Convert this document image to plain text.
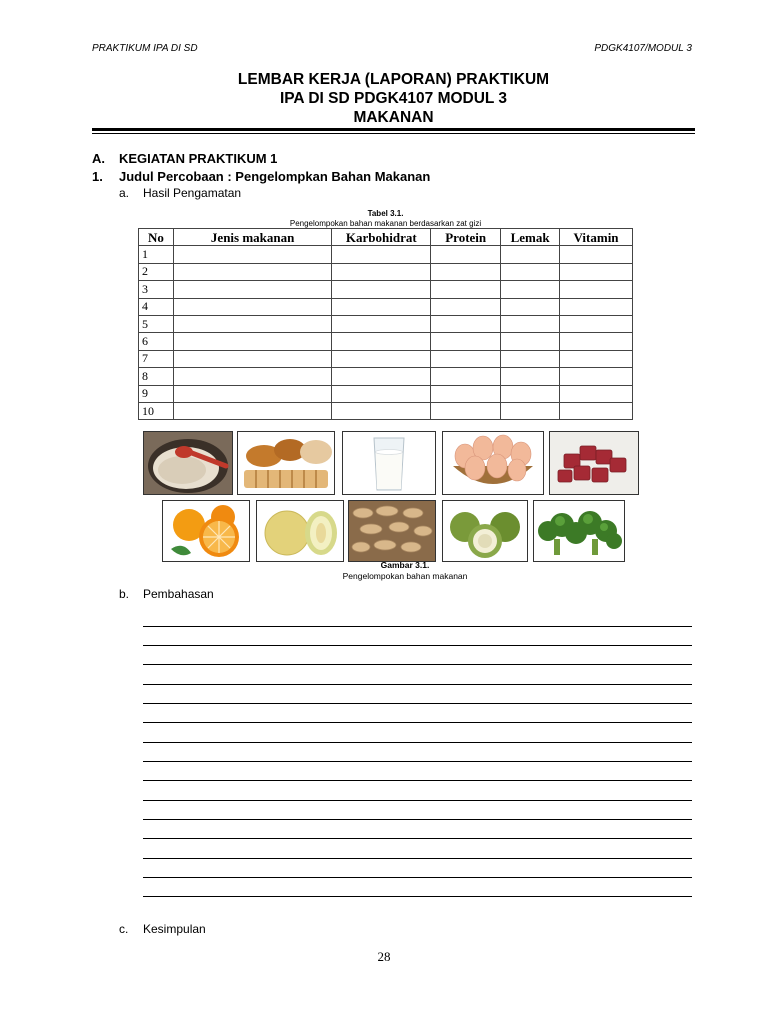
PRAKTIKUM IPA DI SD	PDGK4107/MODUL 3
LEMBAR KERJA (LAPORAN) PRAKTIKUM
IPA DI SD PDGK4107 MODUL 3
MAKANAN
A. KEGIATAN PRAKTIKUM 1
1. Judul Percobaan : Pengelompkan Bahan Makanan
a. Hasil Pengamatan
Tabel 3.1.
Pengelompokan bahan makanan berdasarkan zat gizi
No	Jenis makanan	Karbohidrat	Protein	Lemak	Vitamin
1					
2					
3					
4					
5					
6					
7					
8					
9					
10					
Gambar 3.1.
Pengelompokan bahan makanan
b. Pembahasan
c. Kesimpulan
28
